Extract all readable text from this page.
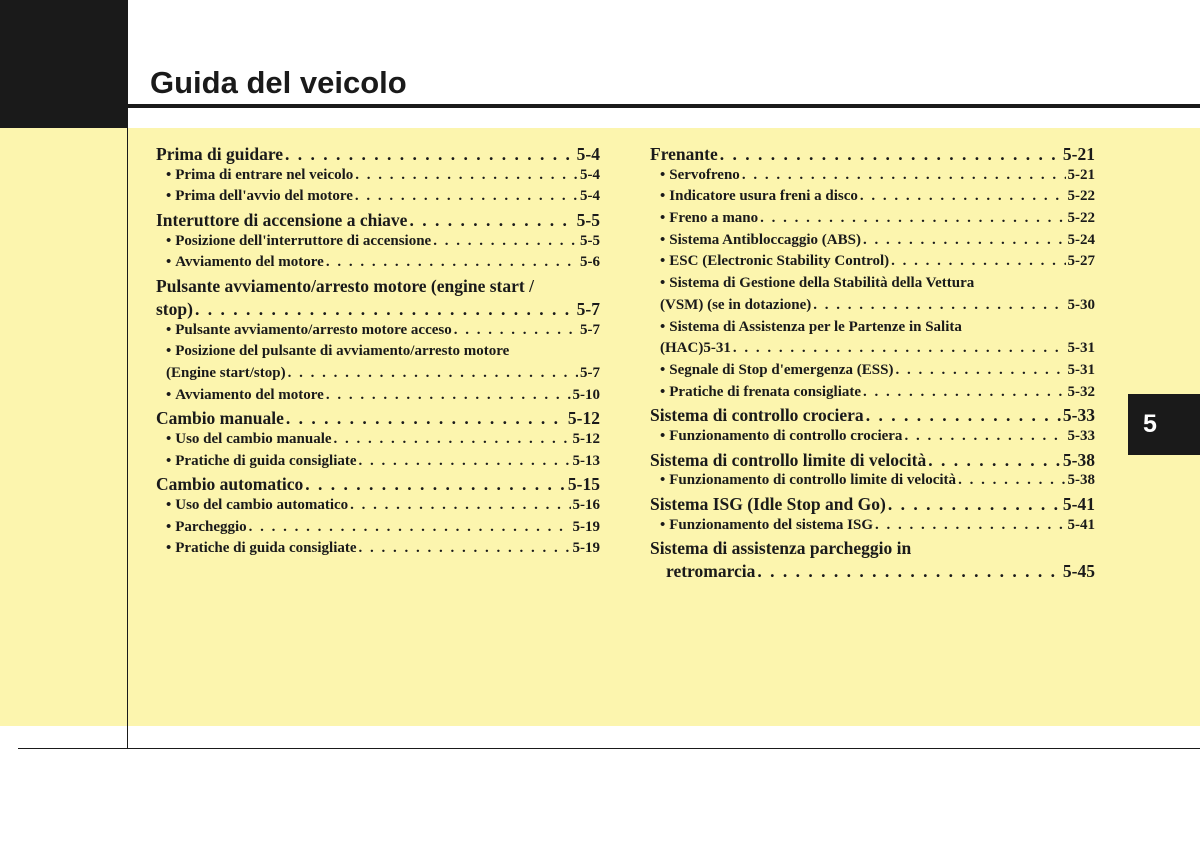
Guida del veicolo
5
Prima di guidare . . .	5-4
• Prima di entrare nel veicolo . . .	5-4
• Prima dell'avvio del motore . . .	5-4
Interuttore di accensione a chiave . . .	5-5
• Posizione dell'interruttore di accensione . . .	5-5
• Avviamento del motore . . .	5-6
Pulsante avviamento/arresto motore (engine start /
stop) . . .	5-7
• Pulsante avviamento/arresto motore acceso . . .	5-7
• Posizione del pulsante di avviamento/arresto motore
(Engine start/stop) . . .	5-7
• Avviamento del motore . . .	5-10
Cambio manuale . . .	5-12
• Uso del cambio manuale . . .	5-12
• Pratiche di guida consigliate . . .	5-13
Cambio automatico . . .	5-15
• Uso del cambio automatico . . .	5-16
• Parcheggio . . .	5-19
• Pratiche di guida consigliate . . .	5-19
Frenante . . .	5-21
• Servofreno . . .	5-21
• Indicatore usura freni a disco . . .	5-22
• Freno a mano . . .	5-22
• Sistema Antibloccaggio (ABS) . . .	5-24
• ESC (Electronic Stability Control) . . .	5-27
• Sistema di Gestione della Stabilità della Vettura
(VSM) (se in dotazione) . . .	5-30
• Sistema di Assistenza per le Partenze in Salita
(HAC)5-31 . . .	5-31
• Segnale di Stop d'emergenza (ESS) . . .	5-31
• Pratiche di frenata consigliate . . .	5-32
Sistema di controllo crociera . . .	5-33
• Funzionamento di controllo crociera . . .	5-33
Sistema di controllo limite di velocità . . .	5-38
• Funzionamento di controllo limite di velocità . . .	5-38
Sistema ISG (Idle Stop and Go) . . .	5-41
• Funzionamento del sistema ISG . . .	5-41
Sistema di assistenza parcheggio in
retromarcia . . .	5-45
